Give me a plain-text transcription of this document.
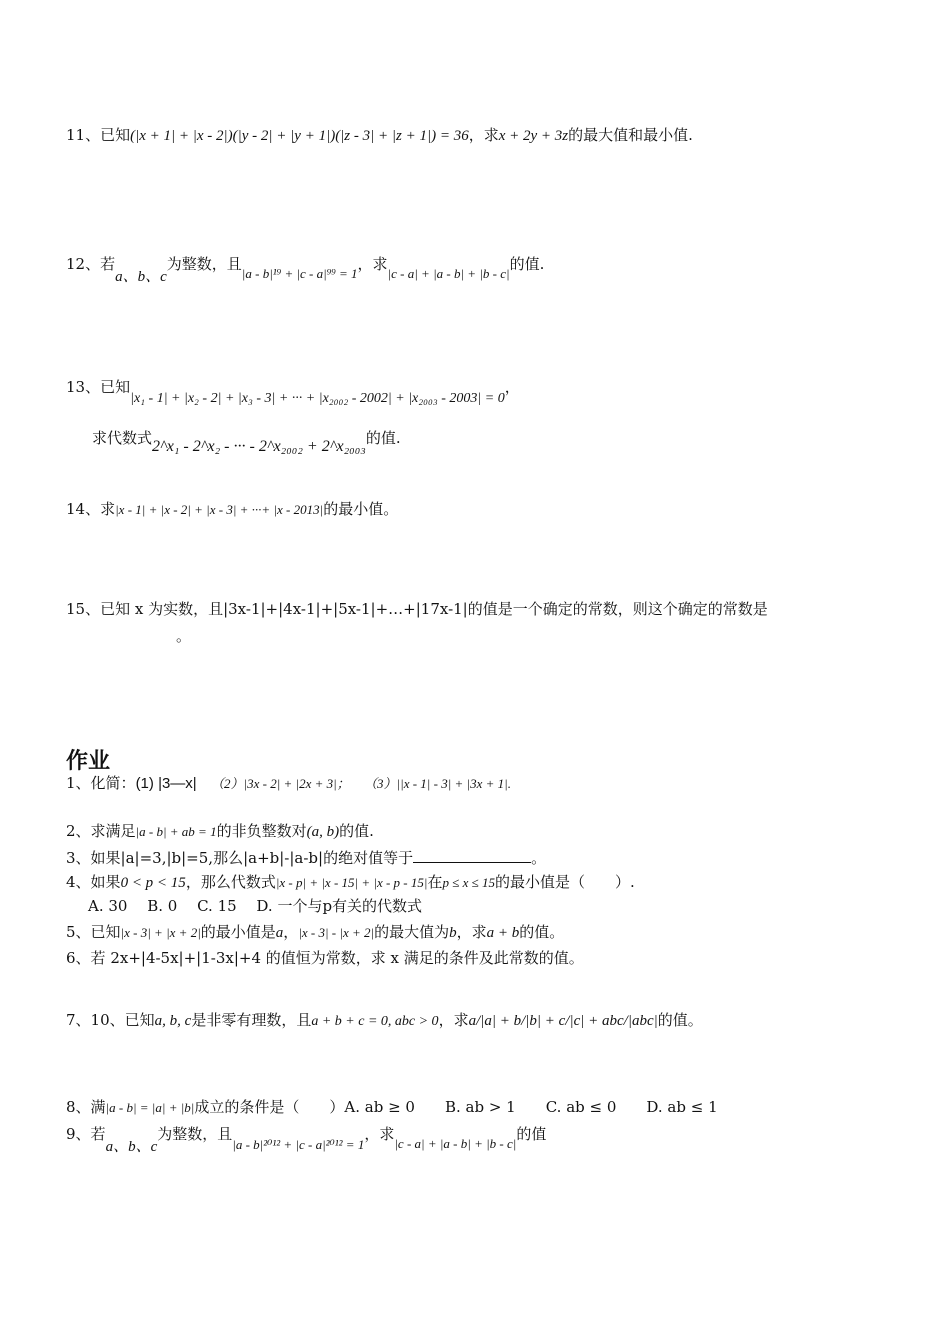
11、已知(|x + 1| + |x - 2|)(|y - 2| + |y + 1|)(|z - 3| + |z + 1|) = 36，求x + 2y + 3z的最大值和最小值.
12、若a、b、c为整数，且|a - b|¹⁹ + |c - a|⁹⁹ = 1，求|c - a| + |a - b| + |b - c|的值.
13、已知|x₁ - 1| + |x₂ - 2| + |x₃ - 3| + ··· + |x₂₀₀₂ - 2002| + |x₂₀₀₃ - 2003| = 0，
求代数式2^x₁ - 2^x₂ - ··· - 2^x₂₀₀₂ + 2^x₂₀₀₃的值.
14、求|x - 1| + |x - 2| + |x - 3| + ···+ |x - 2013|的最小值。
15、已知 x 为实数，且|3x-1|+|4x-1|+|5x-1|+…+|17x-1|的值是一个确定的常数，则这个确定的常数是
。
作业
1、化简：(1) |3—x| （2）|3x - 2| + |2x + 3|； （3）||x - 1| - 3| + |3x + 1|.
2、求满足|a - b| + ab = 1的非负整数对(a, b)的值.
3、如果|a|=3,|b|=5,那么|a+b|-|a-b|的绝对值等于	。
4、如果0 < p < 15，那么代数式|x - p| + |x - 15| + |x - p - 15|在p ≤ x ≤ 15的最小值是（　　）.
A. 30　 B. 0　 C. 15　 D. 一个与p有关的代数式
5、已知|x - 3| + |x + 2|的最小值是a，|x - 3| - |x + 2|的最大值为b，求a + b的值。
6、若 2x+|4-5x|+|1-3x|+4 的值恒为常数，求 x 满足的条件及此常数的值。
7、10、已知a, b, c是非零有理数，且a + b + c = 0, abc > 0，求a/|a| + b/|b| + c/|c| + abc/|abc|的值。
8、满|a - b| = |a| + |b|成立的条件是（　　）A. ab ≥ 0　　B. ab > 1　　C. ab ≤ 0　　D. ab ≤ 1
9、若a、b、c为整数，且|a - b|²⁰¹² + |c - a|²⁰¹² = 1，求|c - a| + |a - b| + |b - c|的值
